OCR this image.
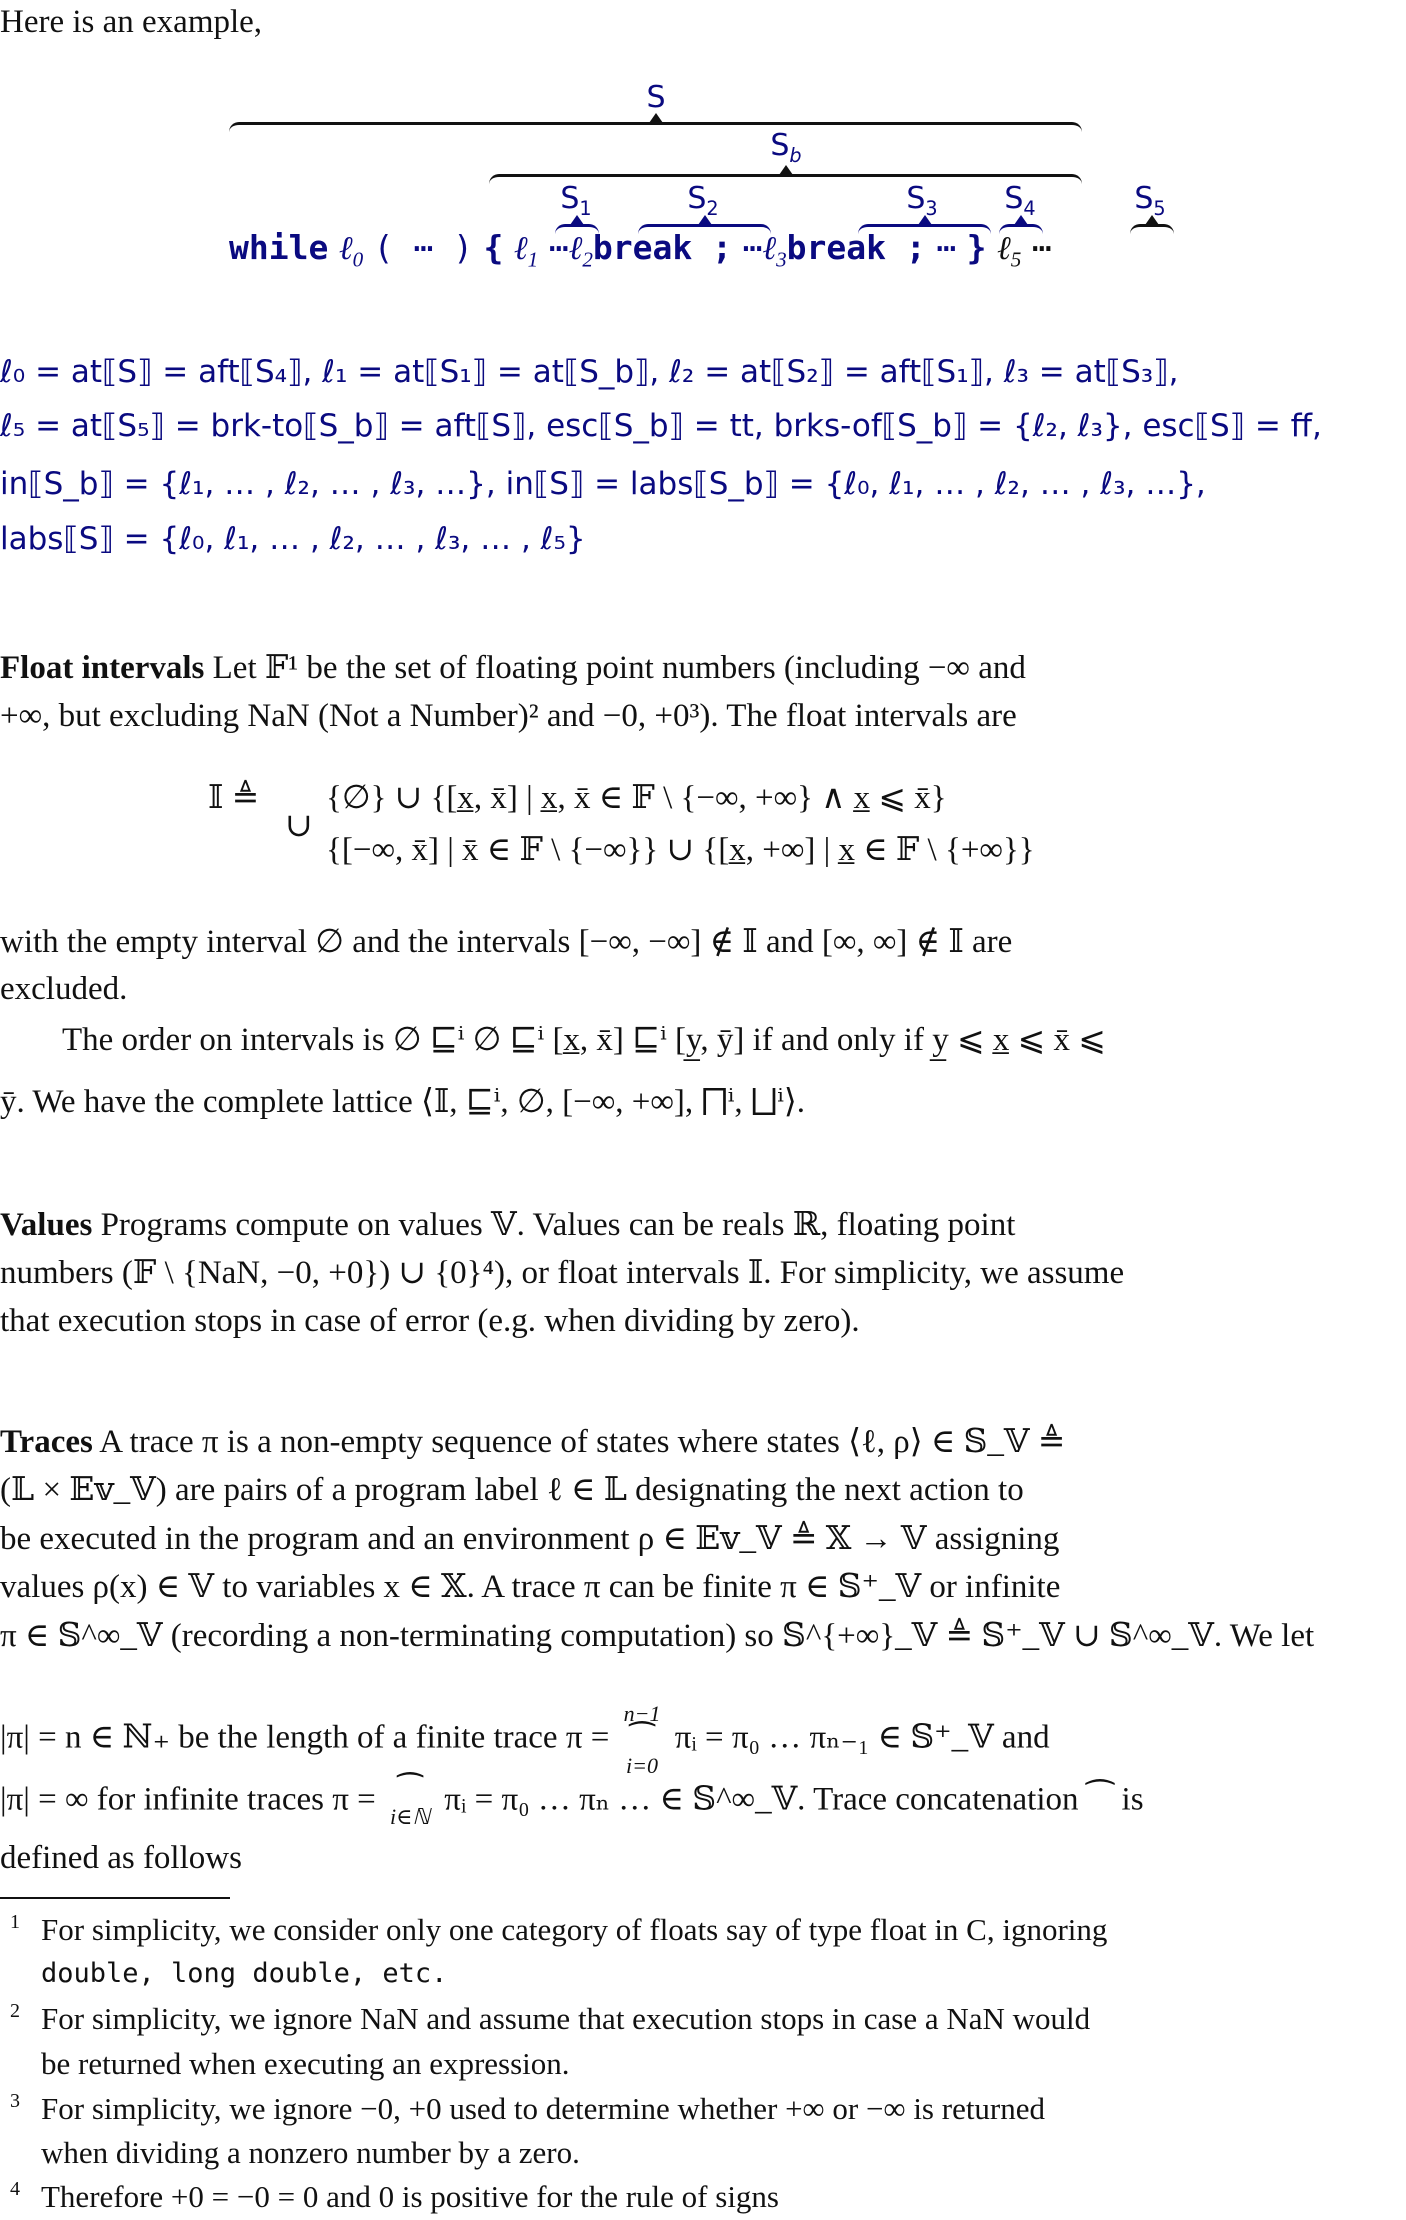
Here is an example,
S
$S_b$
$S_1$	$S_2$	$S_3$ $S_4$	$S_5$
while ℓ$_0$ ( ⋯ ) { ℓ$_1$ ⋯ℓ$_2$break ; ⋯ℓ$_3$break ; ⋯ } ℓ$_5$ ⋯
ℓ₀ = at⟦S⟧ = aft⟦S₄⟧, ℓ₁ = at⟦S₁⟧ = at⟦S_b⟧, ℓ₂ = at⟦S₂⟧ = aft⟦S₁⟧, ℓ₃ = at⟦S₃⟧,
ℓ₅ = at⟦S₅⟧ = brk-to⟦S_b⟧ = aft⟦S⟧, esc⟦S_b⟧ = tt, brks-of⟦S_b⟧ = {ℓ₂, ℓ₃}, esc⟦S⟧ = ff,
in⟦S_b⟧ = {ℓ₁, … , ℓ₂, … , ℓ₃, …}, in⟦S⟧ = labs⟦S_b⟧ = {ℓ₀, ℓ₁, … , ℓ₂, … , ℓ₃, …},
labs⟦S⟧ = {ℓ₀, ℓ₁, … , ℓ₂, … , ℓ₃, … , ℓ₅}
Float intervals Let 𝔽¹ be the set of floating point numbers (including −∞ and
+∞, but excluding NaN (Not a Number)² and −0, +0³). The float intervals are
𝕀 ≜
∪
{∅} ∪ {[x̲, x̄] | x̲, x̄ ∈ 𝔽 \ {−∞, +∞} ∧ x̲ ⩽ x̄}
{[−∞, x̄] | x̄ ∈ 𝔽 \ {−∞}} ∪ {[x̲, +∞] | x̲ ∈ 𝔽 \ {+∞}}
with the empty interval ∅ and the intervals [−∞, −∞] ∉ 𝕀 and [∞, ∞] ∉ 𝕀 are
excluded.
The order on intervals is ∅ ⊑ⁱ ∅ ⊑ⁱ [x̲, x̄] ⊑ⁱ [y̲, ȳ] if and only if y̲ ⩽ x̲ ⩽ x̄ ⩽
ȳ. We have the complete lattice ⟨𝕀, ⊑ⁱ, ∅, [−∞, +∞], ⨅ⁱ, ⨆ⁱ⟩.
Values Programs compute on values 𝕍. Values can be reals ℝ, floating point
numbers (𝔽 \ {NaN, −0, +0}) ∪ {0}⁴), or float intervals 𝕀. For simplicity, we assume
that execution stops in case of error (e.g. when dividing by zero).
Traces A trace π is a non-empty sequence of states where states ⟨ℓ, ρ⟩ ∈ 𝕊_𝕍 ≜
(𝕃 × 𝔼𝕧_𝕍) are pairs of a program label ℓ ∈ 𝕃 designating the next action to
be executed in the program and an environment ρ ∈ 𝔼𝕧_𝕍 ≜ 𝕏 → 𝕍 assigning
values ρ(x) ∈ 𝕍 to variables x ∈ 𝕏. A trace π can be finite π ∈ 𝕊⁺_𝕍 or infinite
π ∈ 𝕊^∞_𝕍 (recording a non-terminating computation) so 𝕊^{+∞}_𝕍 ≜ 𝕊⁺_𝕍 ∪ 𝕊^∞_𝕍. We let
|π| = n ∈ ℕ₊ be the length of a finite trace π =
n−1
⁀
i=0
πᵢ = π₀ … πₙ₋₁ ∈ 𝕊⁺_𝕍 and
|π| = ∞ for infinite traces π = ⁀
i∈ℕ πᵢ = π₀ … πₙ … ∈ 𝕊^∞_𝕍. Trace concatenation ⁀ is
defined as follows
1 For simplicity, we consider only one category of floats say of type float in C, ignoring
double, long double, etc.
2 For simplicity, we ignore NaN and assume that execution stops in case a NaN would
be returned when executing an expression.
3 For simplicity, we ignore −0, +0 used to determine whether +∞ or −∞ is returned
when dividing a nonzero number by a zero.
4 Therefore +0 = −0 = 0 and 0 is positive for the rule of signs
